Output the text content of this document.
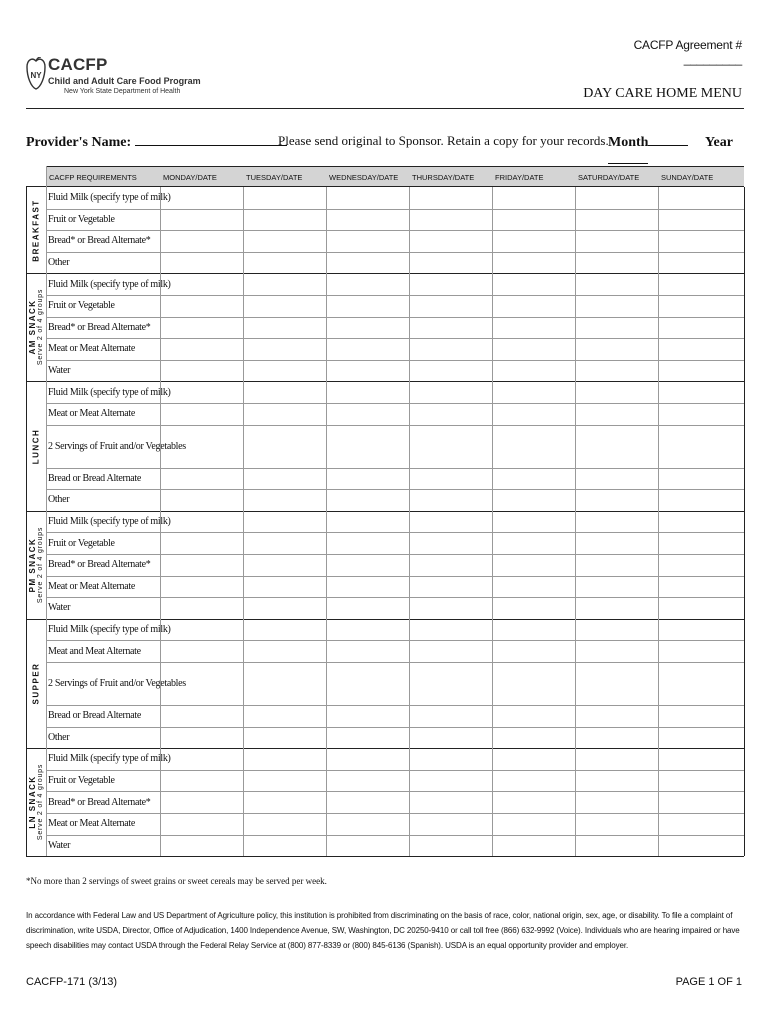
CACFP Agreement # _________
NY
CACFP
Child and Adult Care Food Program
New York State Department of Health	DAY CARE HOME MENU
Provider's Name:	Please send original to Sponsor. Retain a copy for your records. Month	Year
CACFP REQUIREMENTS	MONDAY/DATE	TUESDAY/DATE	WEDNESDAY/DATE	THURSDAY/DATE	FRIDAY/DATE	SATURDAY/DATE	SUNDAY/DATE
Fluid Milk (specify type of milk)
Fruit or Vegetable
Bread* or Bread Alternate*
Other
BREAKFAST
Fluid Milk (specify type of milk)
Fruit or Vegetable
Bread* or Bread Alternate*
Meat or Meat Alternate
Water
AM SNACK Serve 2 of 4 groups
Fluid Milk (specify type of milk)
Meat or Meat Alternate
2 Servings of Fruit and/or Vegetables
Bread or Bread Alternate
Other
LUNCH
Fluid Milk (specify type of milk)
Fruit or Vegetable
Bread* or Bread Alternate*
Meat or Meat Alternate
Water
PM SNACK Serve 2 of 4 groups
Fluid Milk (specify type of milk)
Meat and Meat Alternate
2 Servings of Fruit and/or Vegetables
Bread or Bread Alternate
Other
SUPPER
Fluid Milk (specify type of milk)
Fruit or Vegetable
Bread* or Bread Alternate*
Meat or Meat Alternate
Water
LN SNACK Serve 2 of 4 groups
*No more than 2 servings of sweet grains or sweet cereals may be served per week.
In accordance with Federal Law and US Department of Agriculture policy, this institution is prohibited from discriminating on the basis of race, color, national origin, sex, age, or disability. To file a complaint of discrimination, write USDA, Director, Office of Adjudication, 1400 Independence Avenue, SW, Washington, DC 20250-9410 or call toll free (866) 632-9992 (Voice). Individuals who are hearing impaired or have speech disabilities may contact USDA through the Federal Relay Service at (800) 877-8339 or (800) 845-6136 (Spanish). USDA is an equal opportunity provider and employer.
CACFP-171 (3/13)	PAGE 1 OF 1
